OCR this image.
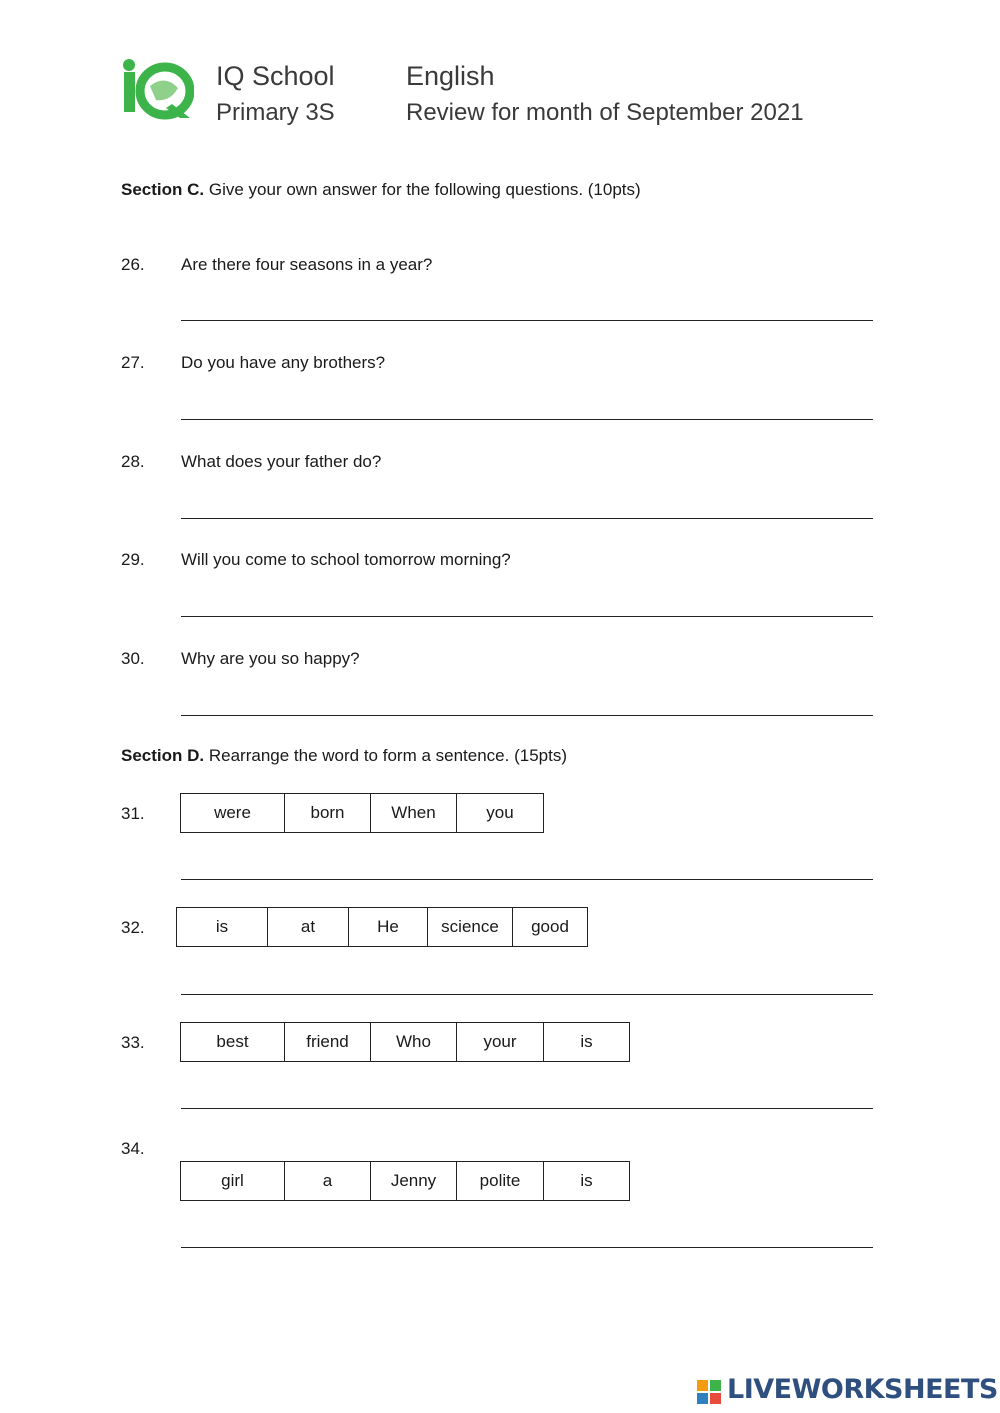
IQ School
Primary 3S
English
Review for month of September 2021
Section C. Give your own answer for the following questions. (10pts)
26. Are there four seasons in a year?
27. Do you have any brothers?
28. What does your father do?
29. Will you come to school tomorrow morning?
30. Why are you so happy?
Section D. Rearrange the word to form a sentence. (15pts)
31.	were	born	When	you
32.	is	at	He	science	good
33.	best	friend	Who	your	is
34.
girl	a	Jenny	polite	is
LIVEWORKSHEETS
